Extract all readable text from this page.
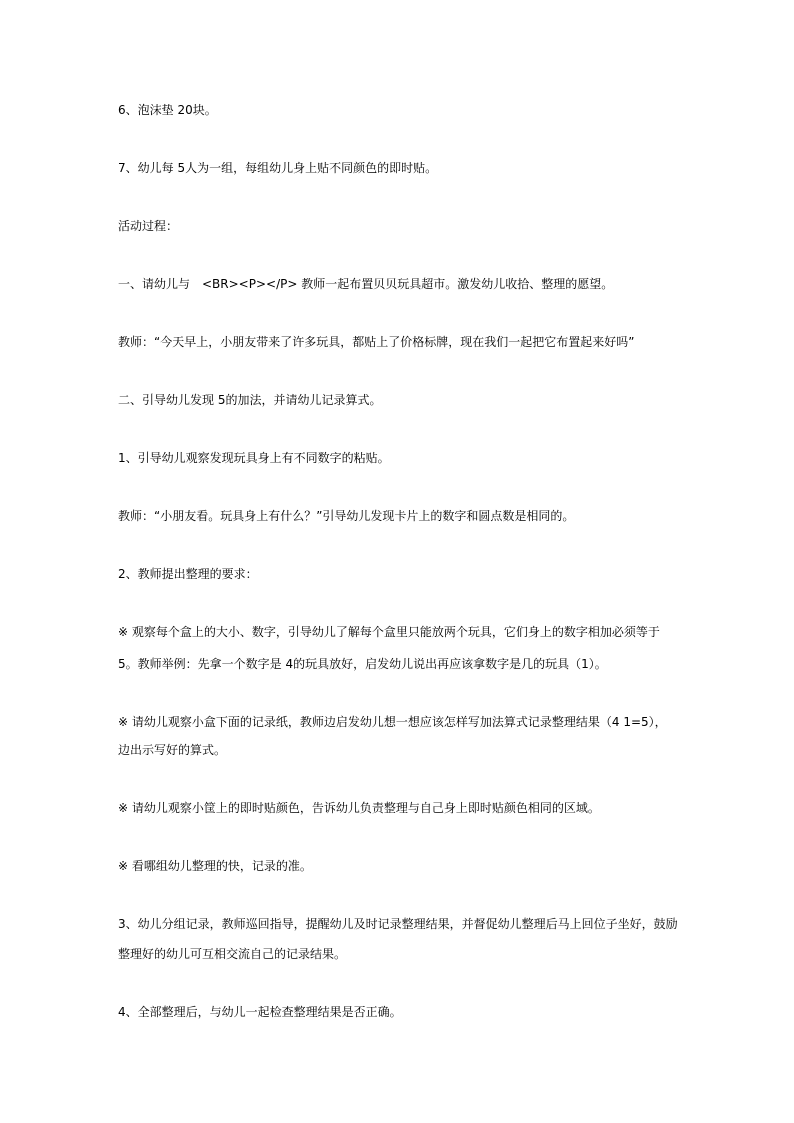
6、泡沫垫 20块。
7、幼儿每 5人为一组，每组幼儿身上贴不同颜色的即时贴。
活动过程：
一、请幼儿与　<BR><P></P> 教师一起布置贝贝玩具超市。激发幼儿收拾、整理的愿望。
教师：“今天早上，小朋友带来了许多玩具，都贴上了价格标牌，现在我们一起把它布置起来好吗”
二、引导幼儿发现 5的加法，并请幼儿记录算式。
1、引导幼儿观察发现玩具身上有不同数字的粘贴。
教师：“小朋友看。玩具身上有什么？”引导幼儿发现卡片上的数字和圆点数是相同的。
2、教师提出整理的要求：
※ 观察每个盒上的大小、数字，引导幼儿了解每个盒里只能放两个玩具，它们身上的数字相加必须等于
5。教师举例：先拿一个数字是 4的玩具放好，启发幼儿说出再应该拿数字是几的玩具（1）。
※ 请幼儿观察小盒下面的记录纸，教师边启发幼儿想一想应该怎样写加法算式记录整理结果（4 1=5），
边出示写好的算式。
※ 请幼儿观察小筐上的即时贴颜色，告诉幼儿负责整理与自己身上即时贴颜色相同的区域。
※ 看哪组幼儿整理的快，记录的准。
3、幼儿分组记录，教师巡回指导，提醒幼儿及时记录整理结果，并督促幼儿整理后马上回位子坐好，鼓励
整理好的幼儿可互相交流自己的记录结果。
4、全部整理后，与幼儿一起检查整理结果是否正确。
